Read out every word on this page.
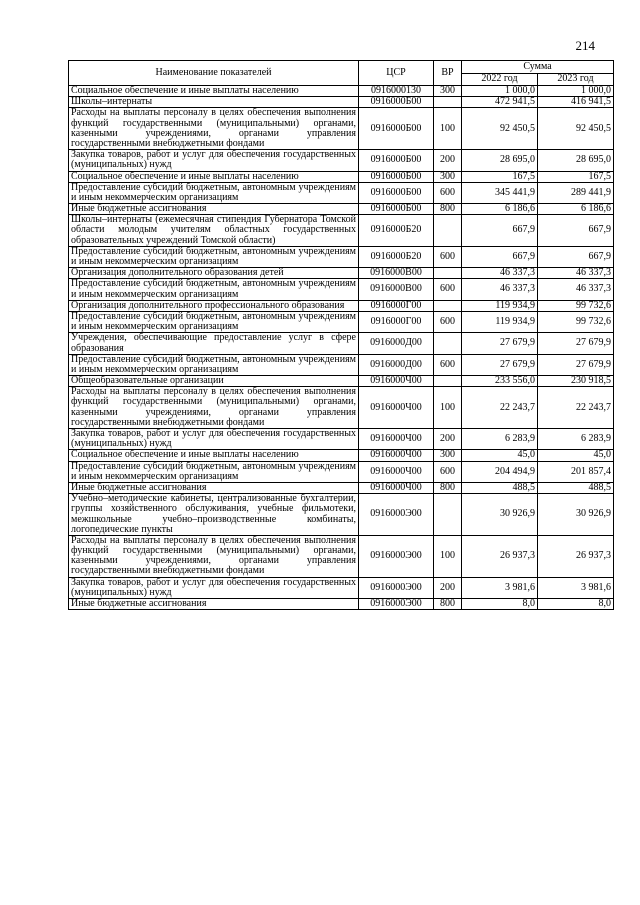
214
Наименование показателей	ЦСР	ВР	Сумма	
			2022 год	2023 год
Социальное обеспечение и иные выплаты населению	0916000130	300	1 000,0	1 000,0
Школы–интернаты	0916000Б00		472 941,5	416 941,5
Расходы на выплаты персоналу в целях обеспечения выполнения функций государственными (муниципальными) органами, казенными учреждениями, органами управления государственными внебюджетными фондами	0916000Б00	100	92 450,5	92 450,5
Закупка товаров, работ и услуг для обеспечения государственных (муниципальных) нужд	0916000Б00	200	28 695,0	28 695,0
Социальное обеспечение и иные выплаты населению	0916000Б00	300	167,5	167,5
Предоставление субсидий бюджетным, автономным учреждениям и иным некоммерческим организациям	0916000Б00	600	345 441,9	289 441,9
Иные бюджетные ассигнования	0916000Б00	800	6 186,6	6 186,6
Школы–интернаты (ежемесячная стипендия Губернатора Томской области молодым учителям областных государственных образовательных учреждений Томской области)	0916000Б20		667,9	667,9
Предоставление субсидий бюджетным, автономным учреждениям и иным некоммерческим организациям	0916000Б20	600	667,9	667,9
Организация дополнительного образования детей	0916000В00		46 337,3	46 337,3
Предоставление субсидий бюджетным, автономным учреждениям и иным некоммерческим организациям	0916000В00	600	46 337,3	46 337,3
Организация дополнительного профессионального образования	0916000Г00		119 934,9	99 732,6
Предоставление субсидий бюджетным, автономным учреждениям и иным некоммерческим организациям	0916000Г00	600	119 934,9	99 732,6
Учреждения, обеспечивающие предоставление услуг в сфере образования	0916000Д00		27 679,9	27 679,9
Предоставление субсидий бюджетным, автономным учреждениям и иным некоммерческим организациям	0916000Д00	600	27 679,9	27 679,9
Общеобразовательные организации	0916000Ч00		233 556,0	230 918,5
Расходы на выплаты персоналу в целях обеспечения выполнения функций государственными (муниципальными) органами, казенными учреждениями, органами управления государственными внебюджетными фондами	0916000Ч00	100	22 243,7	22 243,7
Закупка товаров, работ и услуг для обеспечения государственных (муниципальных) нужд	0916000Ч00	200	6 283,9	6 283,9
Социальное обеспечение и иные выплаты населению	0916000Ч00	300	45,0	45,0
Предоставление субсидий бюджетным, автономным учреждениям и иным некоммерческим организациям	0916000Ч00	600	204 494,9	201 857,4
Иные бюджетные ассигнования	0916000Ч00	800	488,5	488,5
Учебно–методические кабинеты, централизованные бухгалтерии, группы хозяйственного обслуживания, учебные фильмотеки, межшкольные учебно–производственные комбинаты, логопедические пункты	0916000Э00		30 926,9	30 926,9
Расходы на выплаты персоналу в целях обеспечения выполнения функций государственными (муниципальными) органами, казенными учреждениями, органами управления государственными внебюджетными фондами	0916000Э00	100	26 937,3	26 937,3
Закупка товаров, работ и услуг для обеспечения государственных (муниципальных) нужд	0916000Э00	200	3 981,6	3 981,6
Иные бюджетные ассигнования	0916000Э00	800	8,0	8,0
